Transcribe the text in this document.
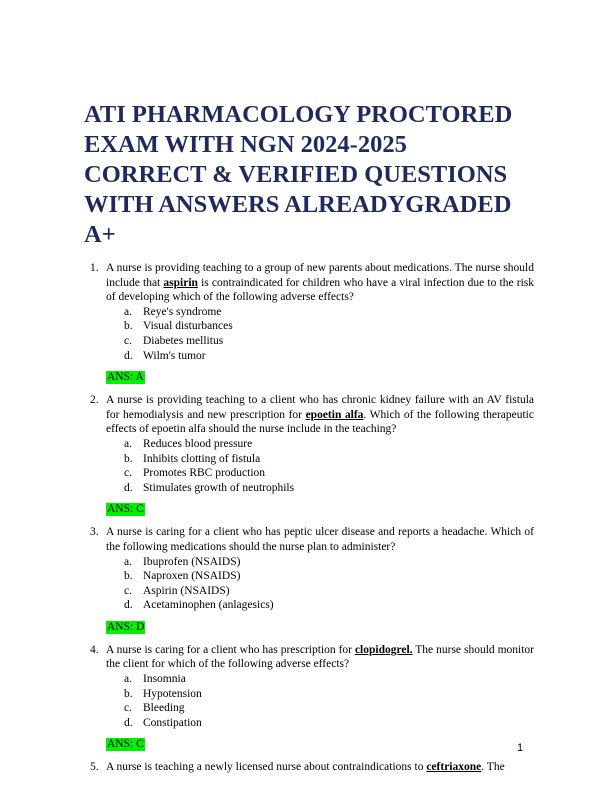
ATI PHARMACOLOGY PROCTORED EXAM WITH NGN 2024-2025 CORRECT & VERIFIED QUESTIONS WITH ANSWERS ALREADYGRADED A+
1. A nurse is providing teaching to a group of new parents about medications. The nurse should include that aspirin is contraindicated for children who have a viral infection due to the risk of developing which of the following adverse effects?

a. Reye's syndrome
b. Visual disturbances
c. Diabetes mellitus
d. Wilm's tumor
ANS: A
2. A nurse is providing teaching to a client who has chronic kidney failure with an AV fistula for hemodialysis and new prescription for epoetin alfa. Which of the following therapeutic effects of epoetin alfa should the nurse include in the teaching?

a. Reduces blood pressure
b. Inhibits clotting of fistula
c. Promotes RBC production
d. Stimulates growth of neutrophils
ANS: C
3. A nurse is caring for a client who has peptic ulcer disease and reports a headache. Which of the following medications should the nurse plan to administer?

a. Ibuprofen (NSAIDS)
b. Naproxen (NSAIDS)
c. Aspirin (NSAIDS)
d. Acetaminophen (anlagesics)
ANS: D
4. A nurse is caring for a client who has prescription for clopidogrel. The nurse should monitor the client for which of the following adverse effects?

a. Insomnia
b. Hypotension
c. Bleeding
d. Constipation
ANS: C
5. A nurse is teaching a newly licensed nurse about contraindications to ceftriaxone. The

1
